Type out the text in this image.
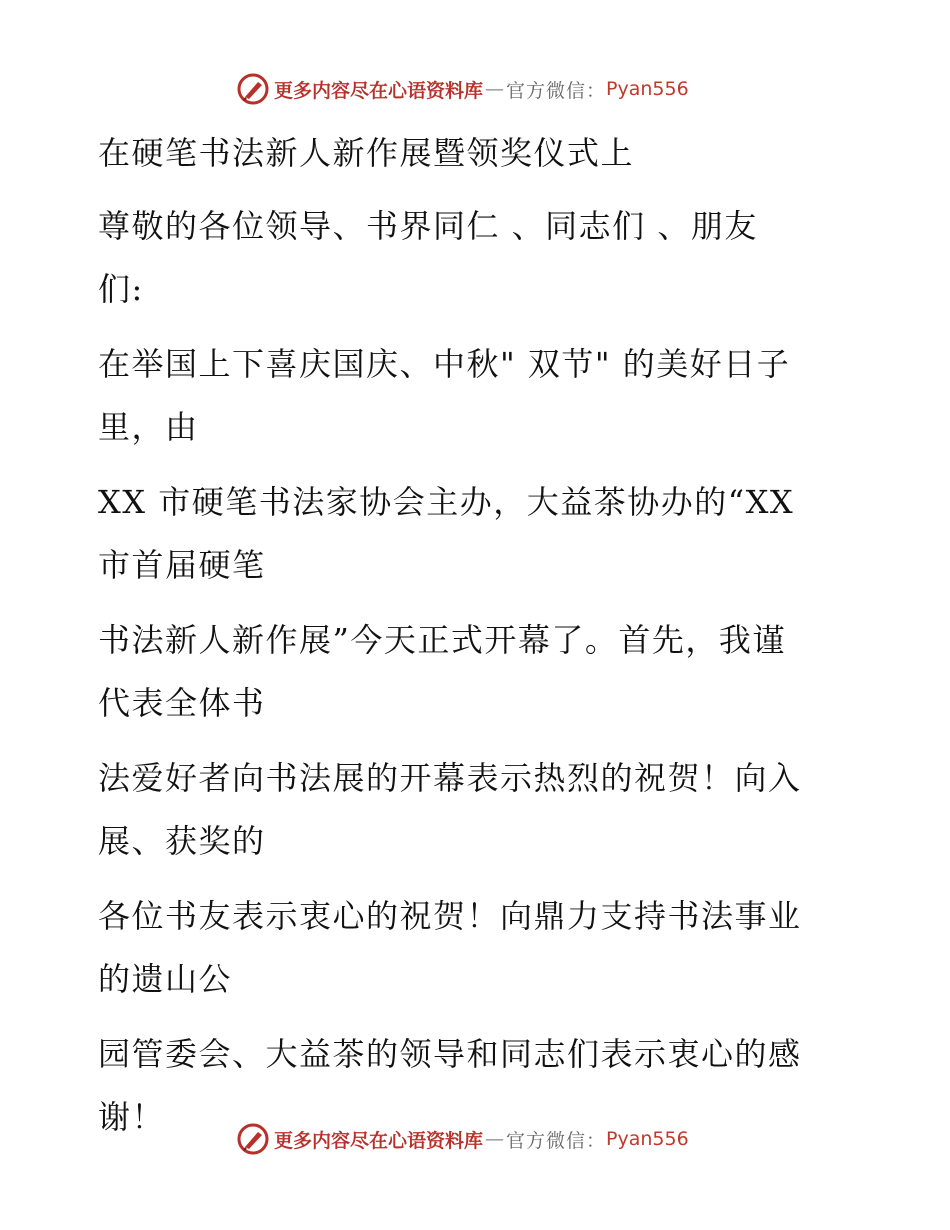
更多内容尽在心语资料库 — 官方微信： Pyan556

在硬笔书法新人新作展暨领奖仪式上

尊敬的各位领导、书界同仁 、同志们 、朋友
们:

在举国上下喜庆国庆、中秋" 双节" 的美好日子
里，由

XX 市硬笔书法家协会主办，大益茶协办的“XX
市首届硬笔

书法新人新作展”今天正式开幕了。首先，我谨
代表全体书

法爱好者向书法展的开幕表示热烈的祝贺！向入
展、获奖的

各位书友表示衷心的祝贺！向鼎力支持书法事业
的遗山公

园管委会、大益茶的领导和同志们表示衷心的感
谢！

更多内容尽在心语资料库 — 官方微信： Pyan556
